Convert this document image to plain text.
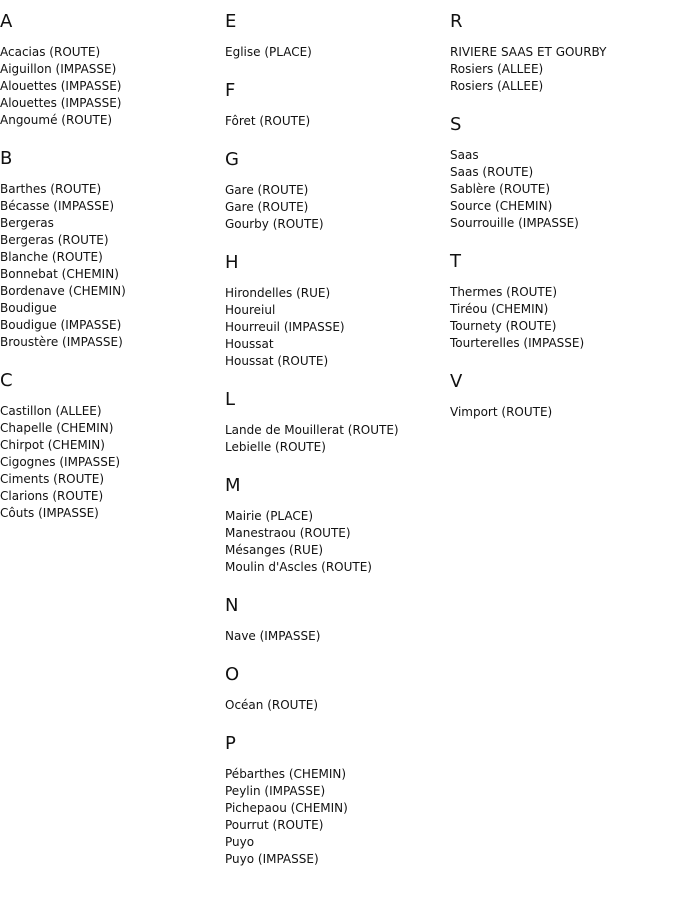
A
Acacias (ROUTE)
Aiguillon (IMPASSE)
Alouettes (IMPASSE)
Alouettes (IMPASSE)
Angoumé (ROUTE)
B
Barthes (ROUTE)
Bécasse (IMPASSE)
Bergeras
Bergeras (ROUTE)
Blanche (ROUTE)
Bonnebat (CHEMIN)
Bordenave (CHEMIN)
Boudigue
Boudigue (IMPASSE)
Broustère (IMPASSE)
C
Castillon (ALLEE)
Chapelle (CHEMIN)
Chirpot (CHEMIN)
Cigognes (IMPASSE)
Ciments (ROUTE)
Clarions (ROUTE)
Côuts (IMPASSE)
E
Eglise (PLACE)
F
Fôret (ROUTE)
G
Gare (ROUTE)
Gare (ROUTE)
Gourby (ROUTE)
H
Hirondelles (RUE)
Houreiul
Hourreuil (IMPASSE)
Houssat
Houssat (ROUTE)
L
Lande de Mouillerat (ROUTE)
Lebielle (ROUTE)
M
Mairie (PLACE)
Manestraou (ROUTE)
Mésanges (RUE)
Moulin d'Ascles (ROUTE)
N
Nave (IMPASSE)
O
Océan (ROUTE)
P
Pébarthes (CHEMIN)
Peylin (IMPASSE)
Pichepaou (CHEMIN)
Pourrut (ROUTE)
Puyo
Puyo (IMPASSE)
R
RIVIERE SAAS ET GOURBY
Rosiers (ALLEE)
Rosiers (ALLEE)
S
Saas
Saas (ROUTE)
Sablère (ROUTE)
Source (CHEMIN)
Sourrouille (IMPASSE)
T
Thermes (ROUTE)
Tiréou (CHEMIN)
Tournety (ROUTE)
Tourterelles (IMPASSE)
V
Vimport (ROUTE)
